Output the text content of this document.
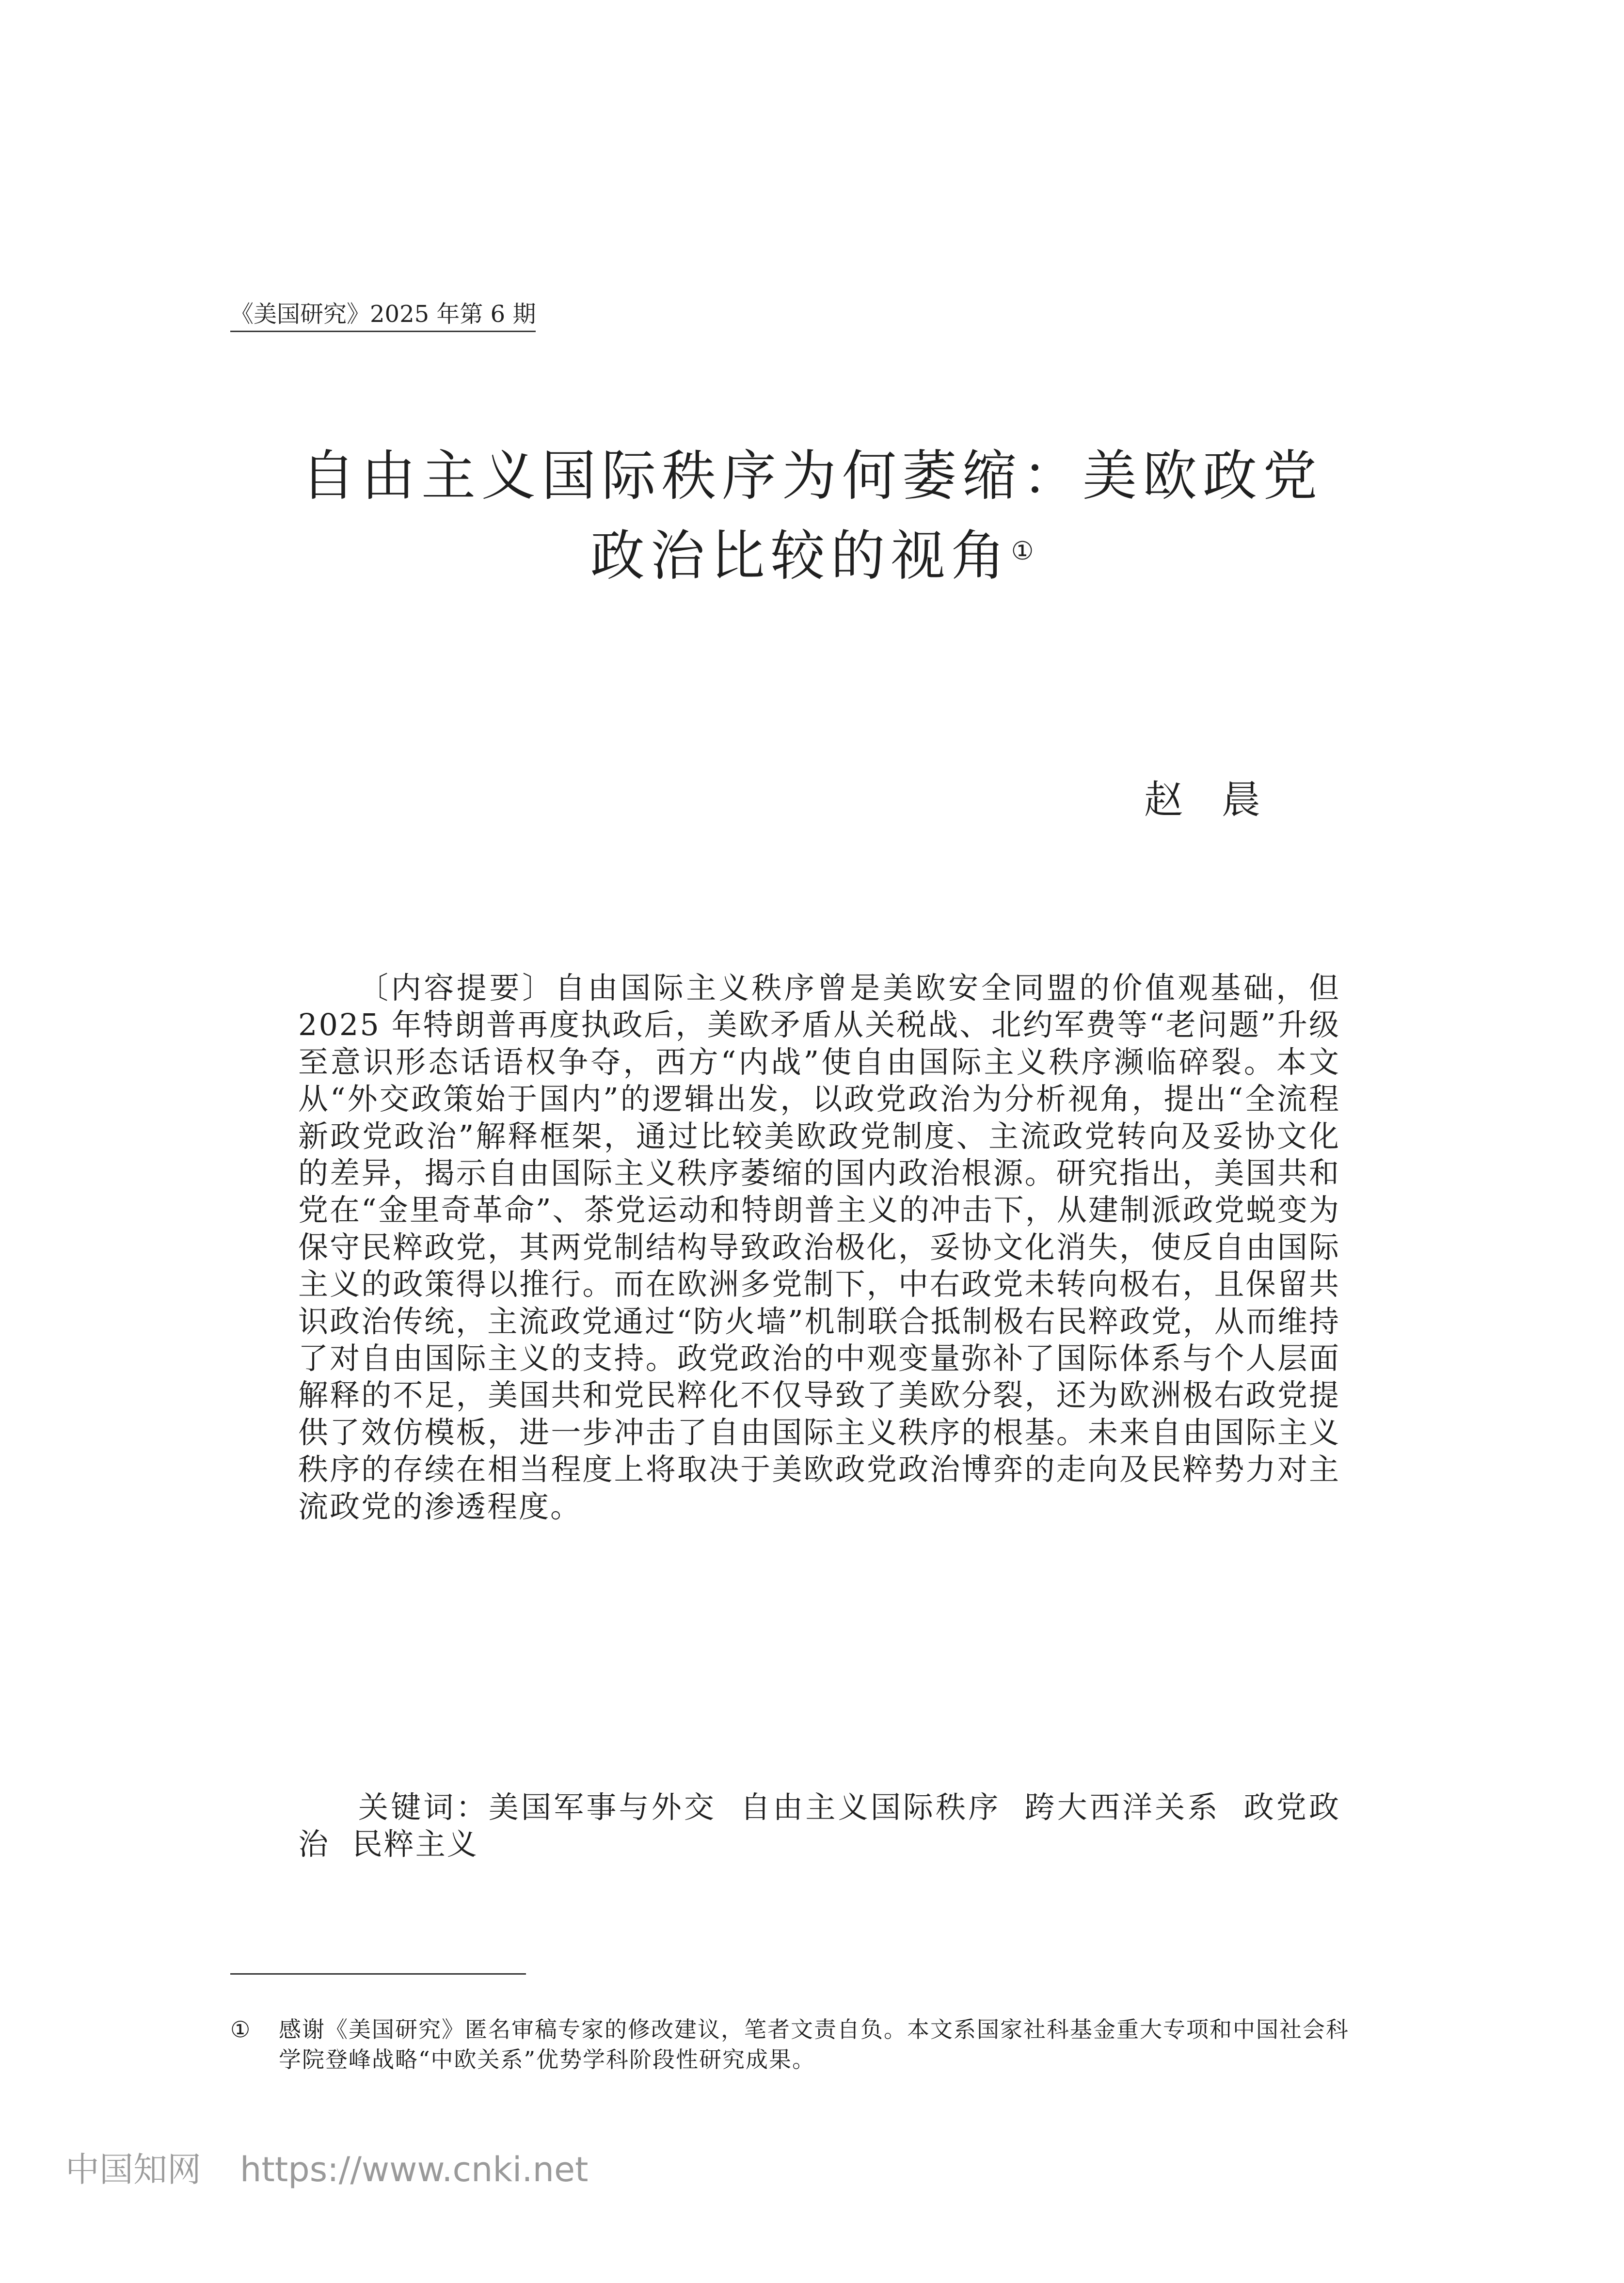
《美国研究》2025 年第 6 期
自由主义国际秩序为何萎缩：美欧政党
政治比较的视角①
赵晨

〔内容提要〕自由国际主义秩序曾是美欧安全同盟的价值观基础，但 2025 年特朗普再度执政后，美欧矛盾从关税战、北约军费等“老问题”升级至意识形态话语权争夺，西方“内战”使自由国际主义秩序濒临碎裂。本文从“外交政策始于国内”的逻辑出发，以政党政治为分析视角，提出“全流程新政党政治”解释框架，通过比较美欧政党制度、主流政党转向及妥协文化的差异，揭示自由国际主义秩序萎缩的国内政治根源。研究指出，美国共和党在“金里奇革命”、茶党运动和特朗普主义的冲击下，从建制派政党蜕变为保守民粹政党，其两党制结构导致政治极化，妥协文化消失，使反自由国际主义的政策得以推行。而在欧洲多党制下，中右政党未转向极右，且保留共识政治传统，主流政党通过“防火墙”机制联合抵制极右民粹政党，从而维持了对自由国际主义的支持。政党政治的中观变量弥补了国际体系与个人层面解释的不足，美国共和党民粹化不仅导致了美欧分裂，还为欧洲极右政党提供了效仿模板，进一步冲击了自由国际主义秩序的根基。未来自由国际主义秩序的存续在相当程度上将取决于美欧政党政治博弈的走向及民粹势力对主流政党的渗透程度。

关键词：美国军事与外交 自由主义国际秩序 跨大西洋关系 政党政治 民粹主义

① 感谢《美国研究》匿名审稿专家的修改建议，笔者文责自负。本文系国家社科基金重大专项和中国社会科
学院登峰战略“中欧关系”优势学科阶段性研究成果。

中国知网 https://www.cnki.net
